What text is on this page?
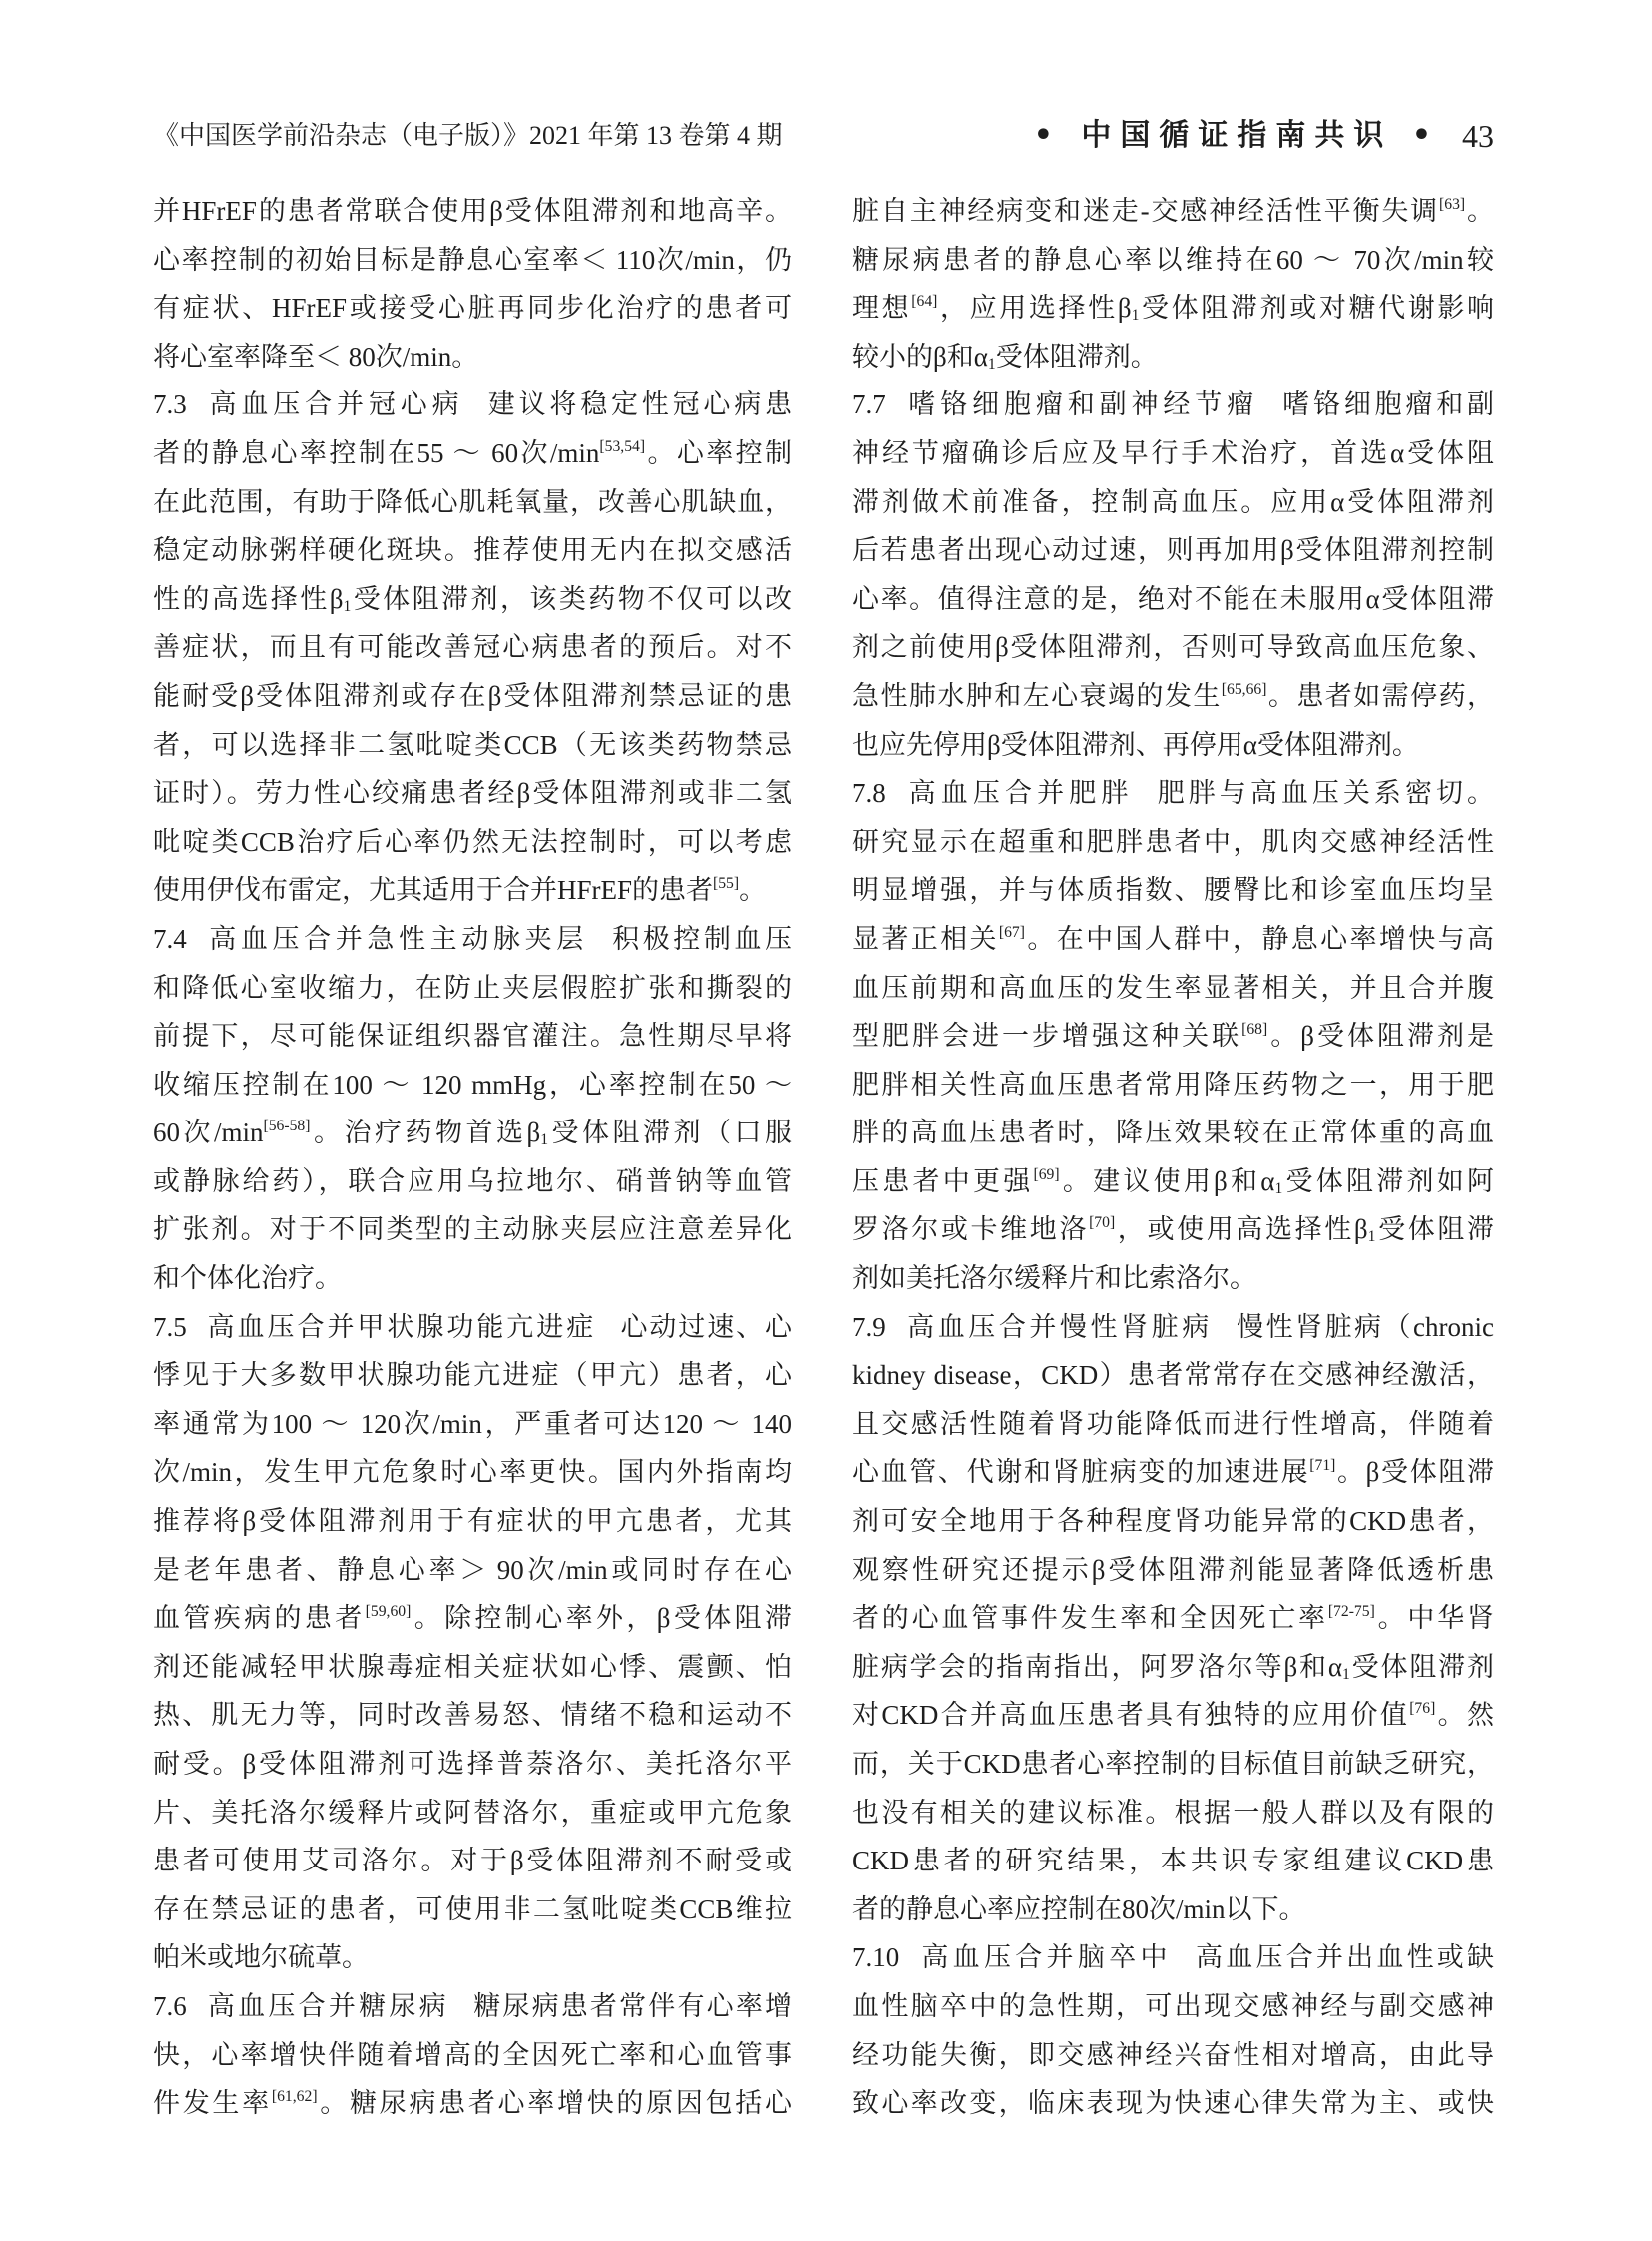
《中国医学前沿杂志（电子版）》2021 年第 13 卷第 4 期	• 中国循证指南共识 • 43
并HFrEF的患者常联合使用β受体阻滞剂和地高辛。
心率控制的初始目标是静息心室率＜ 110次/min，仍
有症状、HFrEF或接受心脏再同步化治疗的患者可
将心室率降至＜ 80次/min。
7.3 高血压合并冠心病 建议将稳定性冠心病患
者的静息心率控制在55 ～ 60次/min[53,54]。心率控制
在此范围，有助于降低心肌耗氧量，改善心肌缺血，
稳定动脉粥样硬化斑块。推荐使用无内在拟交感活
性的高选择性$\beta_1$受体阻滞剂，该类药物不仅可以改
善症状，而且有可能改善冠心病患者的预后。对不
能耐受β受体阻滞剂或存在β受体阻滞剂禁忌证的患
者，可以选择非二氢吡啶类CCB（无该类药物禁忌
证时）。劳力性心绞痛患者经β受体阻滞剂或非二氢
吡啶类CCB治疗后心率仍然无法控制时，可以考虑
使用伊伐布雷定，尤其适用于合并HFrEF的患者[55]。
7.4 高血压合并急性主动脉夹层 积极控制血压
和降低心室收缩力，在防止夹层假腔扩张和撕裂的
前提下，尽可能保证组织器官灌注。急性期尽早将
收缩压控制在100 ～ 120 mmHg，心率控制在50 ～
60次/min[56-58]。治疗药物首选$\beta_1$受体阻滞剂（口服
或静脉给药），联合应用乌拉地尔、硝普钠等血管
扩张剂。对于不同类型的主动脉夹层应注意差异化
和个体化治疗。
7.5 高血压合并甲状腺功能亢进症 心动过速、心
悸见于大多数甲状腺功能亢进症（甲亢）患者，心
率通常为100 ～ 120次/min，严重者可达120 ～ 140
次/min，发生甲亢危象时心率更快。国内外指南均
推荐将β受体阻滞剂用于有症状的甲亢患者，尤其
是老年患者、静息心率＞ 90次/min或同时存在心
血管疾病的患者[59,60]。除控制心率外，β受体阻滞
剂还能减轻甲状腺毒症相关症状如心悸、震颤、怕
热、肌无力等，同时改善易怒、情绪不稳和运动不
耐受。β受体阻滞剂可选择普萘洛尔、美托洛尔平
片、美托洛尔缓释片或阿替洛尔，重症或甲亢危象
患者可使用艾司洛尔。对于β受体阻滞剂不耐受或
存在禁忌证的患者，可使用非二氢吡啶类CCB维拉
帕米或地尔硫䓬。
7.6 高血压合并糖尿病 糖尿病患者常伴有心率增
快，心率增快伴随着增高的全因死亡率和心血管事
件发生率[61,62]。糖尿病患者心率增快的原因包括心
脏自主神经病变和迷走-交感神经活性平衡失调[63]。
糖尿病患者的静息心率以维持在60 ～ 70次/min较
理想[64]，应用选择性$\beta_1$受体阻滞剂或对糖代谢影响
较小的β和$\alpha_1$受体阻滞剂。
7.7 嗜铬细胞瘤和副神经节瘤 嗜铬细胞瘤和副
神经节瘤确诊后应及早行手术治疗，首选α受体阻
滞剂做术前准备，控制高血压。应用α受体阻滞剂
后若患者出现心动过速，则再加用β受体阻滞剂控制
心率。值得注意的是，绝对不能在未服用α受体阻滞
剂之前使用β受体阻滞剂，否则可导致高血压危象、
急性肺水肿和左心衰竭的发生[65,66]。患者如需停药，
也应先停用β受体阻滞剂、再停用α受体阻滞剂。
7.8 高血压合并肥胖 肥胖与高血压关系密切。
研究显示在超重和肥胖患者中，肌肉交感神经活性
明显增强，并与体质指数、腰臀比和诊室血压均呈
显著正相关[67]。在中国人群中，静息心率增快与高
血压前期和高血压的发生率显著相关，并且合并腹
型肥胖会进一步增强这种关联[68]。β受体阻滞剂是
肥胖相关性高血压患者常用降压药物之一，用于肥
胖的高血压患者时，降压效果较在正常体重的高血
压患者中更强[69]。建议使用β和$\alpha_1$受体阻滞剂如阿
罗洛尔或卡维地洛[70]，或使用高选择性$\beta_1$受体阻滞
剂如美托洛尔缓释片和比索洛尔。
7.9 高血压合并慢性肾脏病 慢性肾脏病（chronic
kidney disease，CKD）患者常常存在交感神经激活，
且交感活性随着肾功能降低而进行性增高，伴随着
心血管、代谢和肾脏病变的加速进展[71]。β受体阻滞
剂可安全地用于各种程度肾功能异常的CKD患者，
观察性研究还提示β受体阻滞剂能显著降低透析患
者的心血管事件发生率和全因死亡率[72-75]。中华肾
脏病学会的指南指出，阿罗洛尔等β和$\alpha_1$受体阻滞剂
对CKD合并高血压患者具有独特的应用价值[76]。然
而，关于CKD患者心率控制的目标值目前缺乏研究，
也没有相关的建议标准。根据一般人群以及有限的
CKD患者的研究结果，本共识专家组建议CKD患
者的静息心率应控制在80次/min以下。
7.10 高血压合并脑卒中 高血压合并出血性或缺
血性脑卒中的急性期，可出现交感神经与副交感神
经功能失衡，即交感神经兴奋性相对增高，由此导
致心率改变，临床表现为快速心律失常为主、或快
